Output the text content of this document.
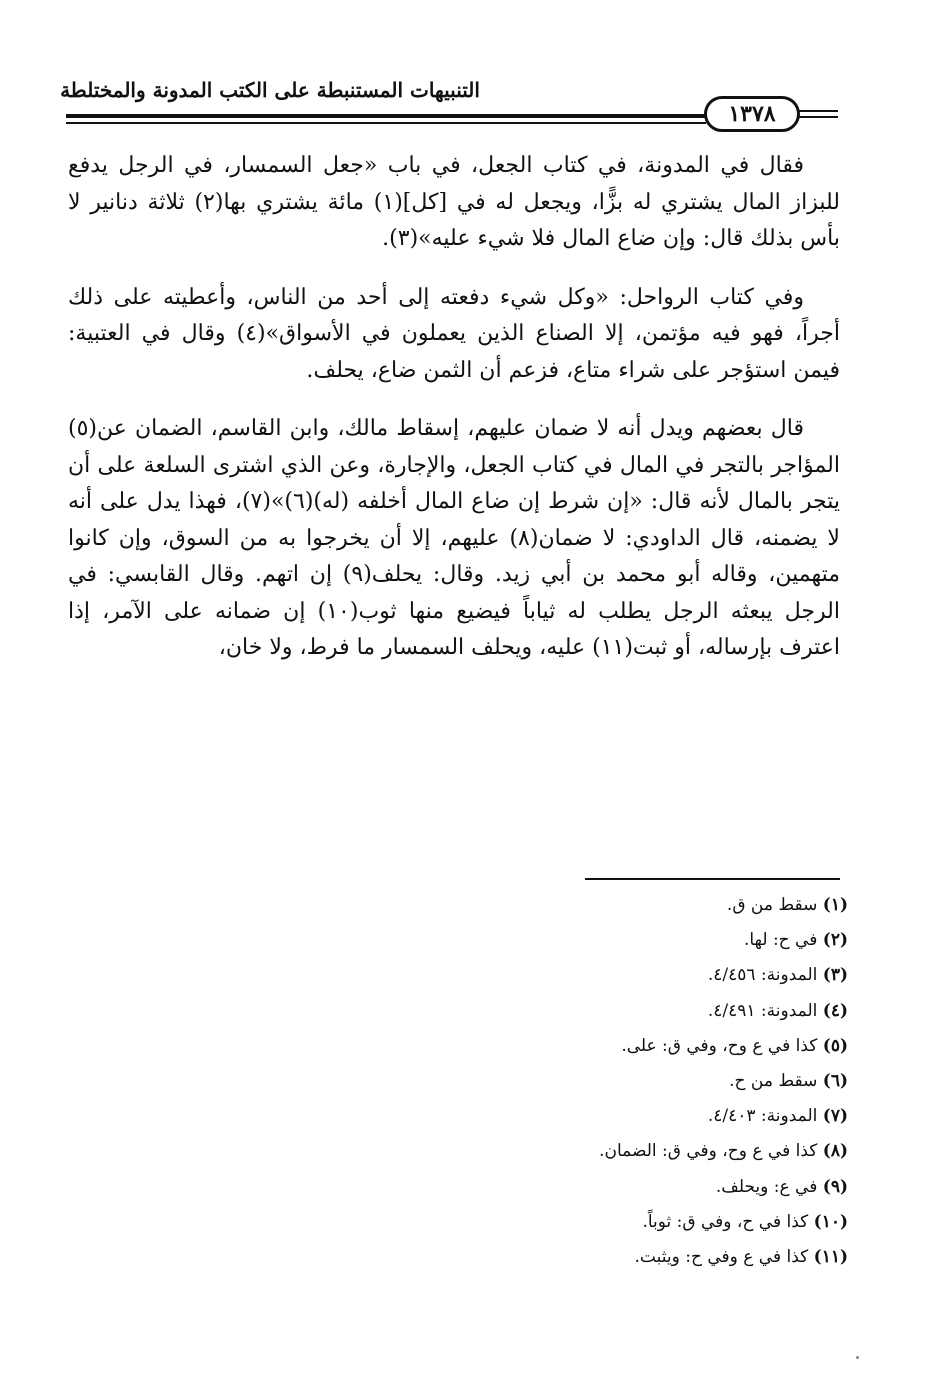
التنبيهات المستنبطة على الكتب المدونة والمختلطة
١٣٧٨

فقال في المدونة، في كتاب الجعل، في باب «جعل السمسار، في الرجل يدفع للبزاز المال يشتري له بزًّا، ويجعل له في [كل](١) مائة يشتري بها(٢) ثلاثة دنانير لا بأس بذلك قال: وإن ضاع المال فلا شيء عليه»(٣).

وفي كتاب الرواحل: «وكل شيء دفعته إلى أحد من الناس، وأعطيته على ذلك أجراً، فهو فيه مؤتمن، إلا الصناع الذين يعملون في الأسواق»(٤) وقال في العتبية: فيمن استؤجر على شراء متاع، فزعم أن الثمن ضاع، يحلف.

قال بعضهم ويدل أنه لا ضمان عليهم، إسقاط مالك، وابن القاسم، الضمان عن(٥) المؤاجر بالتجر في المال في كتاب الجعل، والإجارة، وعن الذي اشترى السلعة على أن يتجر بالمال لأنه قال: «إن شرط إن ضاع المال أخلفه (له)(٦)»(٧)، فهذا يدل على أنه لا يضمنه، قال الداودي: لا ضمان(٨) عليهم، إلا أن يخرجوا به من السوق، وإن كانوا متهمين، وقاله أبو محمد بن أبي زيد. وقال: يحلف(٩) إن اتهم. وقال القابسي: في الرجل يبعثه الرجل يطلب له ثياباً فيضيع منها ثوب(١٠) إن ضمانه على الآمر، إذا اعترف بإرساله، أو ثبت(١١) عليه، ويحلف السمسار ما فرط، ولا خان،

(١) سقط من ق.
(٢) في ح: لها.
(٣) المدونة: ٤/٤٥٦.
(٤) المدونة: ٤/٤٩١.
(٥) كذا في ع وح، وفي ق: على.
(٦) سقط من ح.
(٧) المدونة: ٤/٤٠٣.
(٨) كذا في ع وح، وفي ق: الضمان.
(٩) في ع: ويحلف.
(١٠) كذا في ح، وفي ق: ثوباً.
(١١) كذا في ع وفي ح: ويثبت.
